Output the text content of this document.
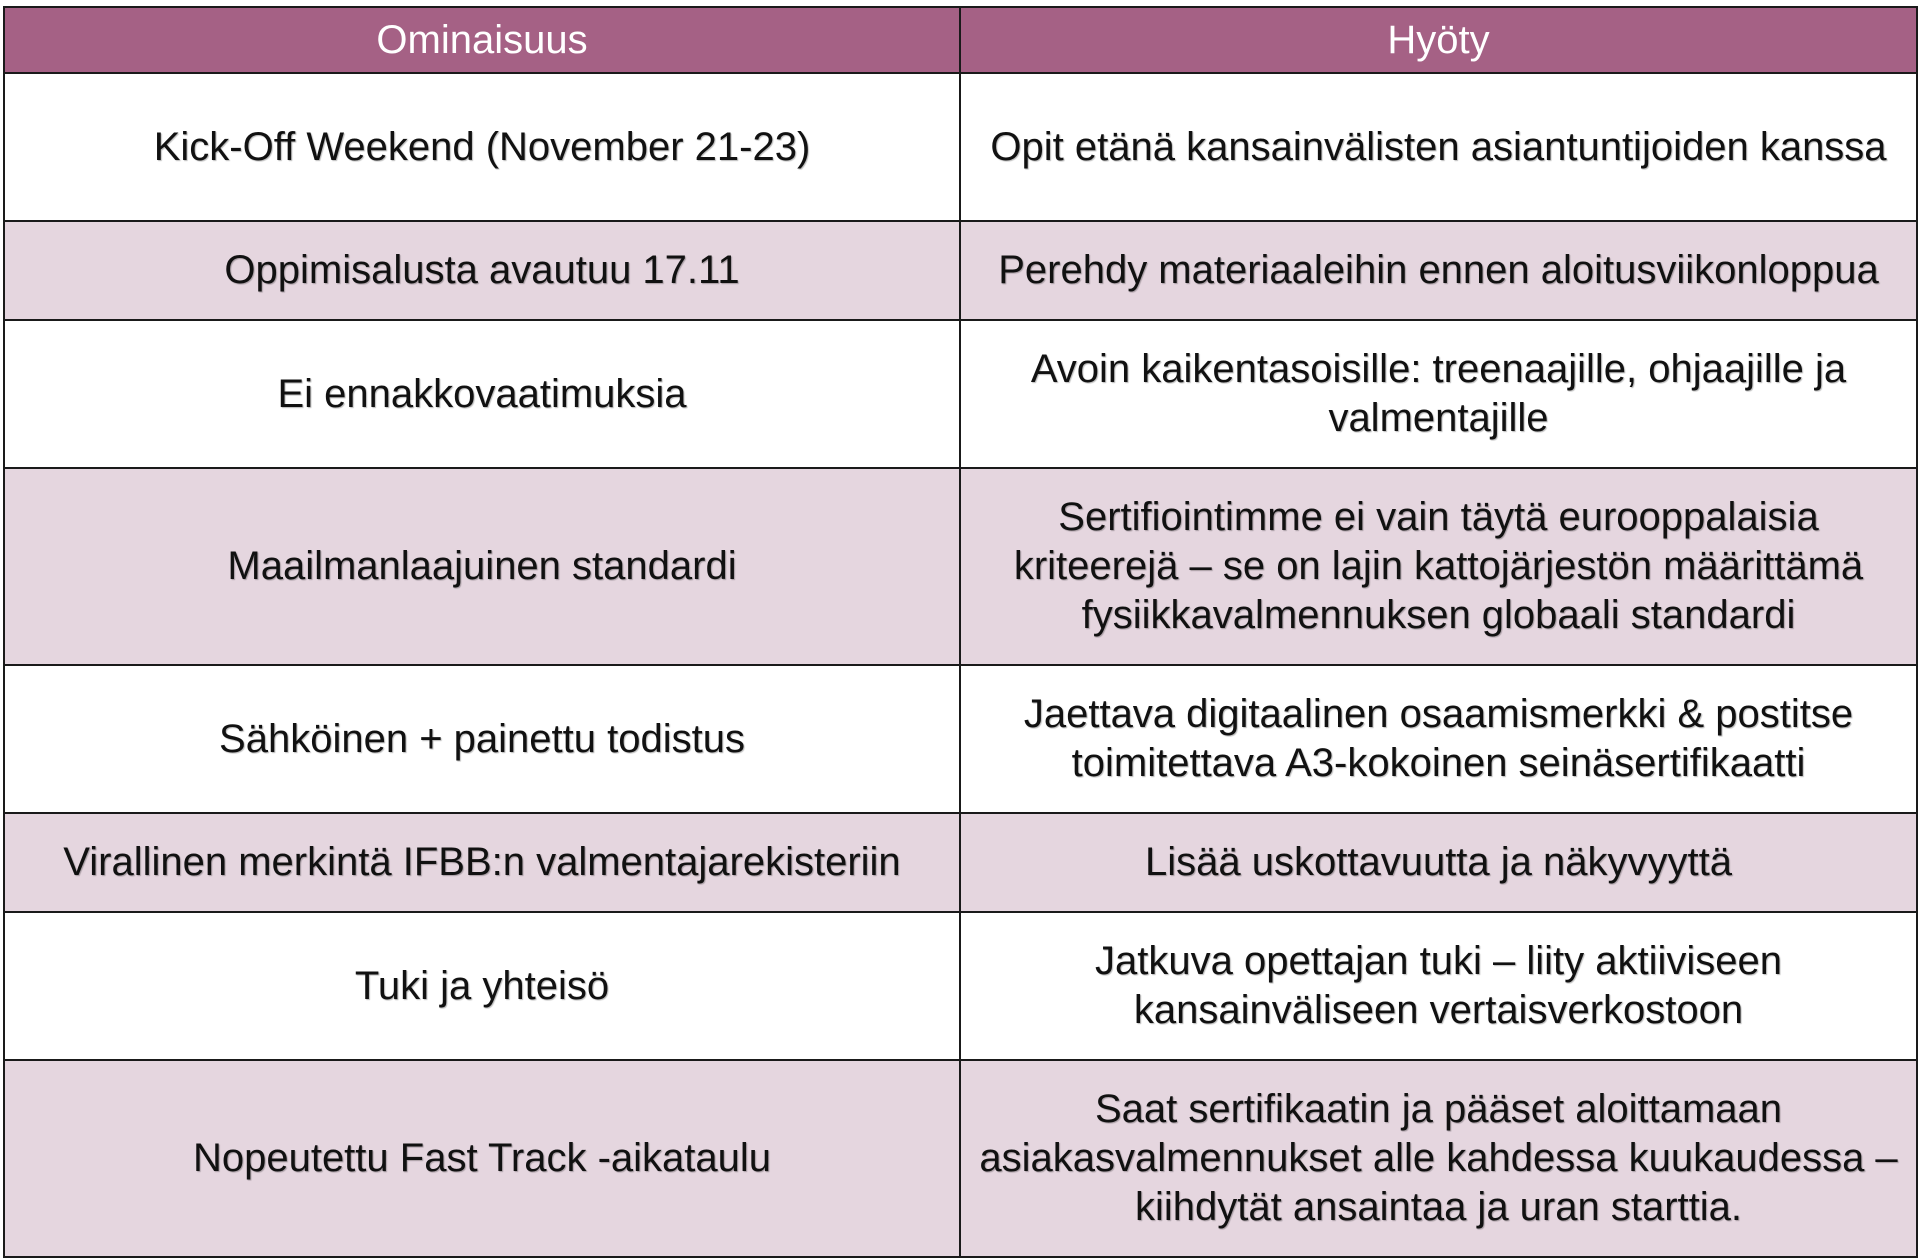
Ominaisuus	Hyöty
Kick-Off Weekend (November 21-23)	Opit etänä kansainvälisten asiantuntijoiden kanssa
Oppimisalusta avautuu 17.11	Perehdy materiaaleihin ennen aloitusviikonloppua
Ei ennakkovaatimuksia	Avoin kaikentasoisille: treenaajille, ohjaajille ja valmentajille
Maailmanlaajuinen standardi	Sertifiointimme ei vain täytä eurooppalaisia kriteerejä – se on lajin kattojärjestön määrittämä fysiikkavalmennuksen globaali standardi
Sähköinen + painettu todistus	Jaettava digitaalinen osaamismerkki & postitse toimitettava A3-kokoinen seinäsertifikaatti
Virallinen merkintä IFBB:n valmentajarekisteriin	Lisää uskottavuutta ja näkyvyyttä
Tuki ja yhteisö	Jatkuva opettajan tuki – liity aktiiviseen kansainväliseen vertaisverkostoon
Nopeutettu Fast Track -aikataulu	Saat sertifikaatin ja pääset aloittamaan asiakasvalmennukset alle kahdessa kuukaudessa – kiihdytät ansaintaa ja uran starttia.
